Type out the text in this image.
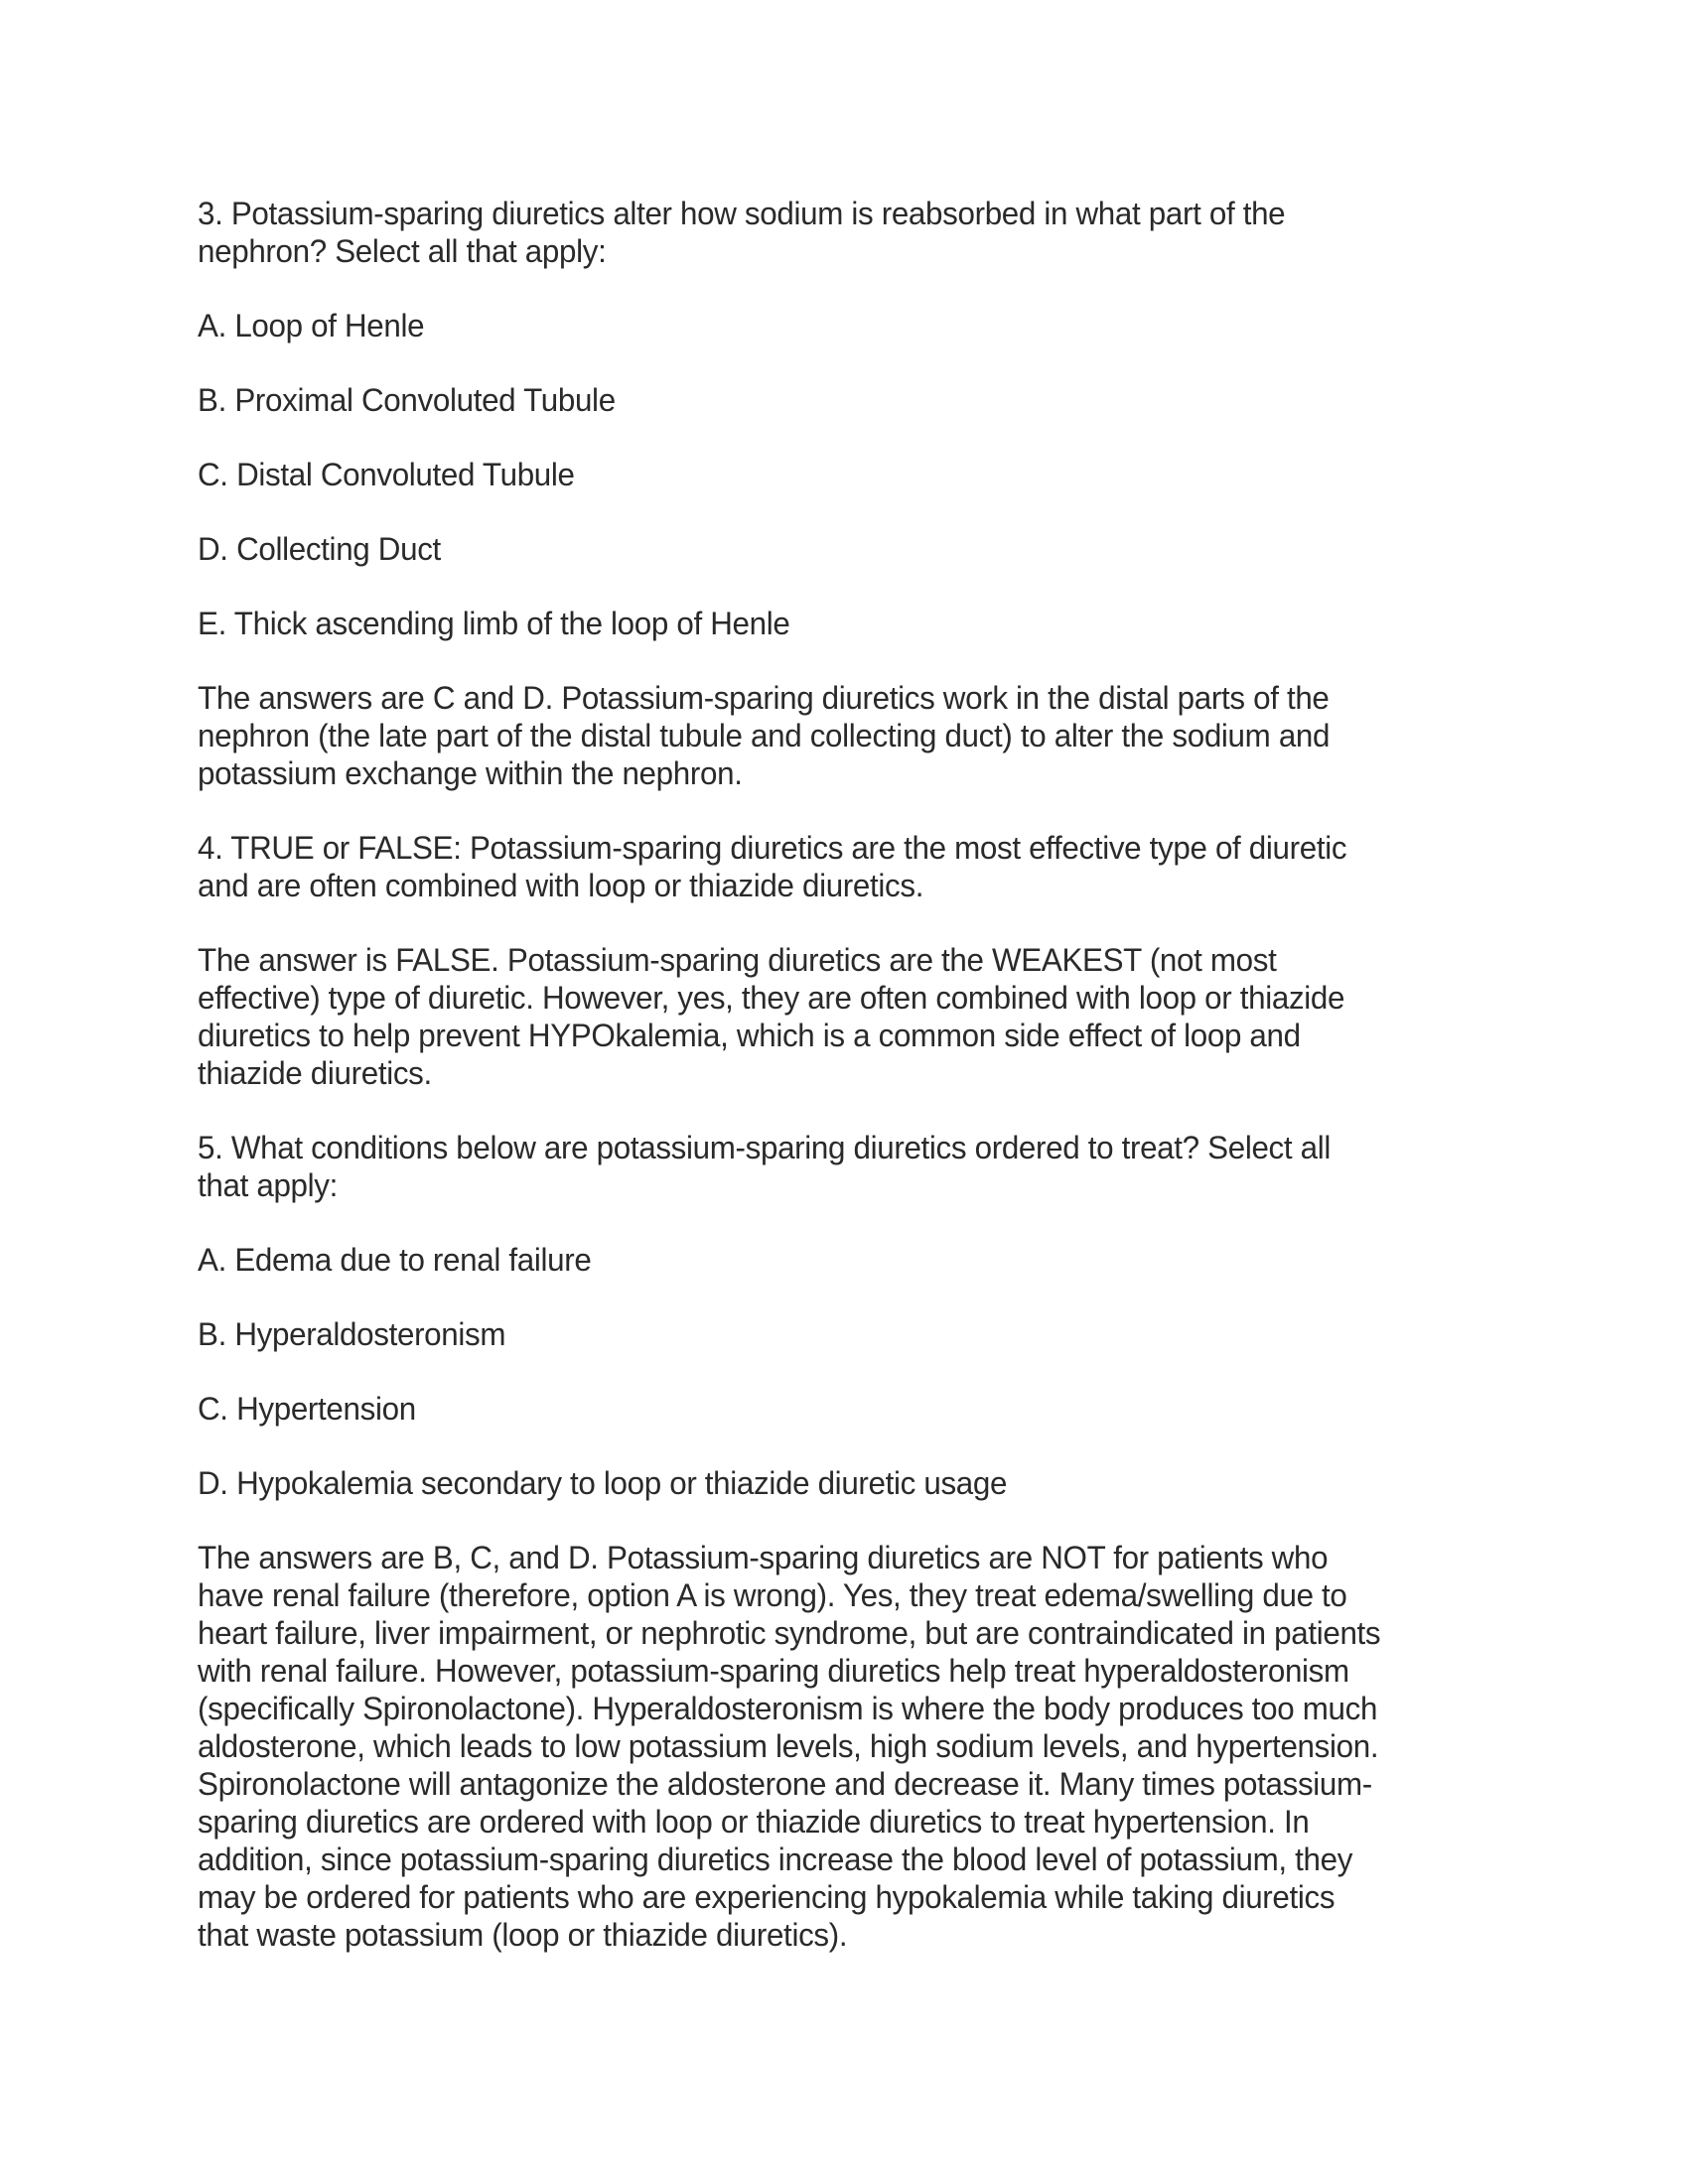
3. Potassium-sparing diuretics alter how sodium is reabsorbed in what part of the
nephron? Select all that apply:
A. Loop of Henle
B. Proximal Convoluted Tubule
C. Distal Convoluted Tubule
D. Collecting Duct
E. Thick ascending limb of the loop of Henle
The answers are C and D. Potassium-sparing diuretics work in the distal parts of the
nephron (the late part of the distal tubule and collecting duct) to alter the sodium and
potassium exchange within the nephron.
4. TRUE or FALSE: Potassium-sparing diuretics are the most effective type of diuretic
and are often combined with loop or thiazide diuretics.
The answer is FALSE. Potassium-sparing diuretics are the WEAKEST (not most
effective) type of diuretic. However, yes, they are often combined with loop or thiazide
diuretics to help prevent HYPOkalemia, which is a common side effect of loop and
thiazide diuretics.
5. What conditions below are potassium-sparing diuretics ordered to treat? Select all
that apply:
A. Edema due to renal failure
B. Hyperaldosteronism
C. Hypertension
D. Hypokalemia secondary to loop or thiazide diuretic usage
The answers are B, C, and D. Potassium-sparing diuretics are NOT for patients who
have renal failure (therefore, option A is wrong). Yes, they treat edema/swelling due to
heart failure, liver impairment, or nephrotic syndrome, but are contraindicated in patients
with renal failure. However, potassium-sparing diuretics help treat hyperaldosteronism
(specifically Spironolactone). Hyperaldosteronism is where the body produces too much
aldosterone, which leads to low potassium levels, high sodium levels, and hypertension.
Spironolactone will antagonize the aldosterone and decrease it. Many times potassium-
sparing diuretics are ordered with loop or thiazide diuretics to treat hypertension. In
addition, since potassium-sparing diuretics increase the blood level of potassium, they
may be ordered for patients who are experiencing hypokalemia while taking diuretics
that waste potassium (loop or thiazide diuretics).
